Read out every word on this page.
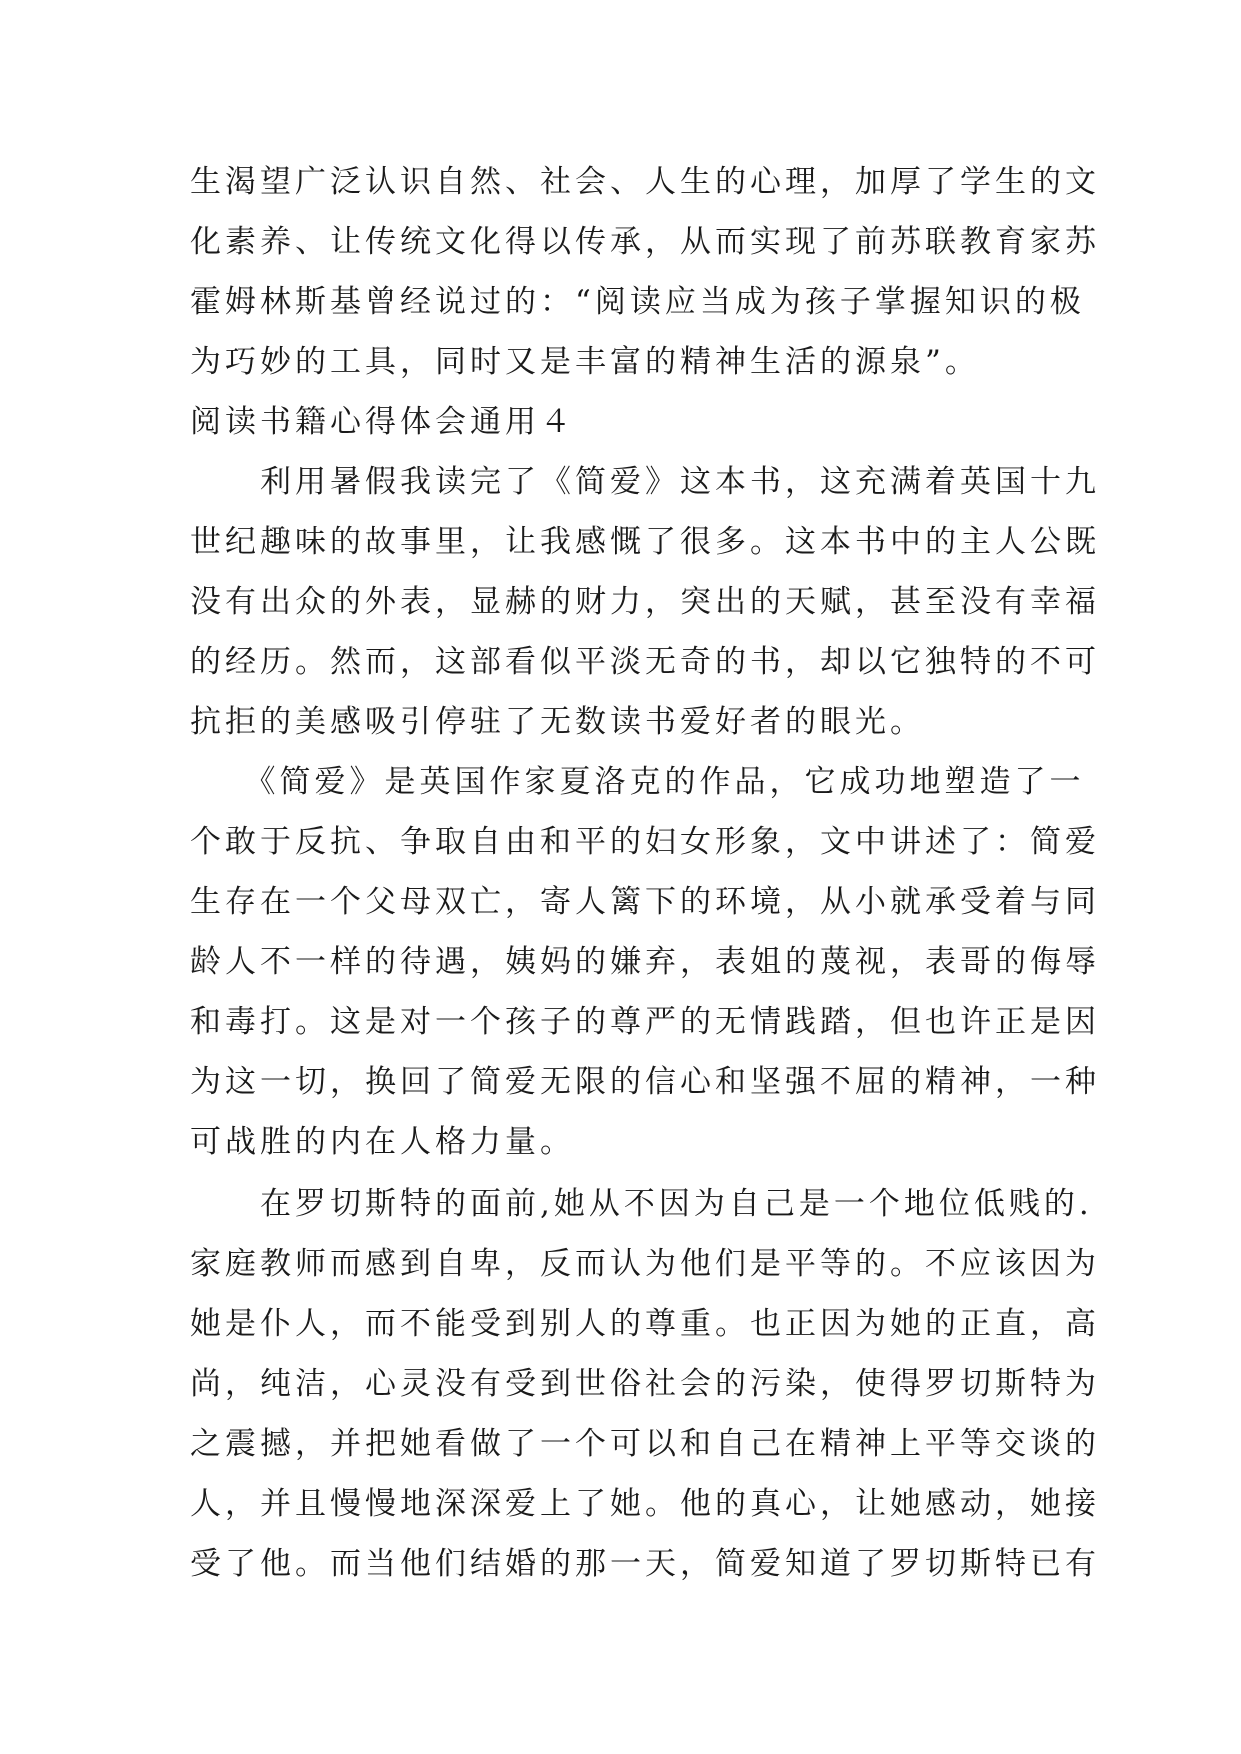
生渴望广泛认识自然、社会、人生的心理，加厚了学生的文
化素养、让传统文化得以传承，从而实现了前苏联教育家苏
霍姆林斯基曾经说过的：“阅读应当成为孩子掌握知识的极
为巧妙的工具，同时又是丰富的精神生活的源泉”。
阅读书籍心得体会通用４
　　利用暑假我读完了《简爱》这本书，这充满着英国十九
世纪趣味的故事里，让我感慨了很多。这本书中的主人公既
没有出众的外表，显赫的财力，突出的天赋，甚至没有幸福
的经历。然而，这部看似平淡无奇的书，却以它独特的不可
抗拒的美感吸引停驻了无数读书爱好者的眼光。
　　《简爱》是英国作家夏洛克的作品，它成功地塑造了一
个敢于反抗、争取自由和平的妇女形象，文中讲述了：简爱
生存在一个父母双亡，寄人篱下的环境，从小就承受着与同
龄人不一样的待遇，姨妈的嫌弃，表姐的蔑视，表哥的侮辱
和毒打。这是对一个孩子的尊严的无情践踏，但也许正是因
为这一切，换回了简爱无限的信心和坚强不屈的精神，一种
可战胜的内在人格力量。
　　在罗切斯特的面前,她从不因为自己是一个地位低贱的.
家庭教师而感到自卑，反而认为他们是平等的。不应该因为
她是仆人，而不能受到别人的尊重。也正因为她的正直，高
尚，纯洁，心灵没有受到世俗社会的污染，使得罗切斯特为
之震撼，并把她看做了一个可以和自己在精神上平等交谈的
人，并且慢慢地深深爱上了她。他的真心，让她感动，她接
受了他。而当他们结婚的那一天，简爱知道了罗切斯特已有
